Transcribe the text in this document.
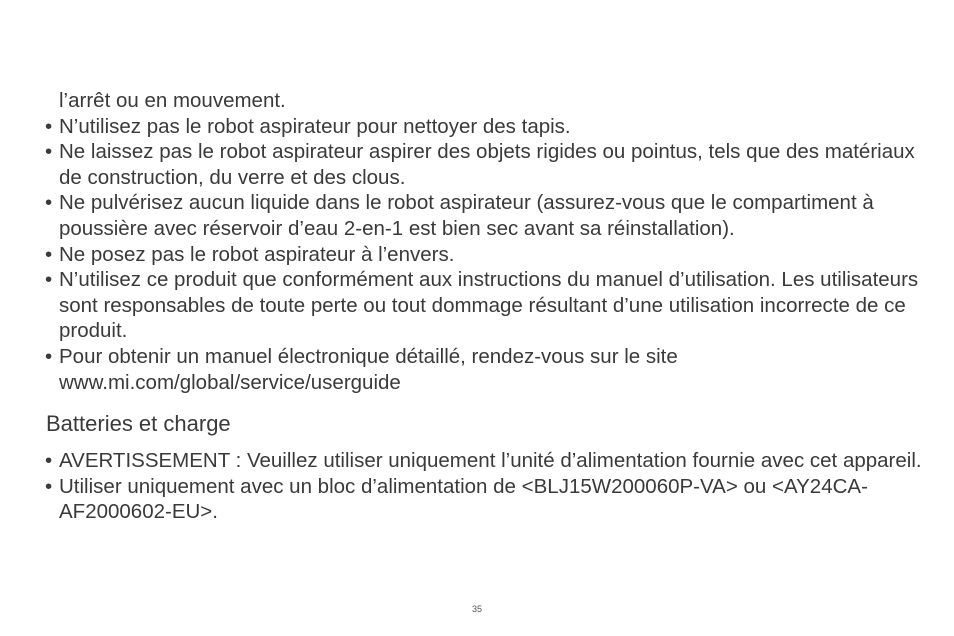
l’arrêt ou en mouvement.
• N’utilisez pas le robot aspirateur pour nettoyer des tapis.
• Ne laissez pas le robot aspirateur aspirer des objets rigides ou pointus, tels que des matériaux de construction, du verre et des clous.
• Ne pulvérisez aucun liquide dans le robot aspirateur (assurez-vous que le compartiment à poussière avec réservoir d’eau 2-en-1 est bien sec avant sa réinstallation).
• Ne posez pas le robot aspirateur à l’envers.
• N’utilisez ce produit que conformément aux instructions du manuel d’utilisation. Les utilisateurs sont responsables de toute perte ou tout dommage résultant d’une utilisation incorrecte de ce produit.
• Pour obtenir un manuel électronique détaillé, rendez-vous sur le site www.mi.com/global/service/userguide
Batteries et charge
• AVERTISSEMENT : Veuillez utiliser uniquement l’unité d’alimentation fournie avec cet appareil.
• Utiliser uniquement avec un bloc d’alimentation de <BLJ15W200060P-VA> ou <AY24CA-AF2000602-EU>.
35
